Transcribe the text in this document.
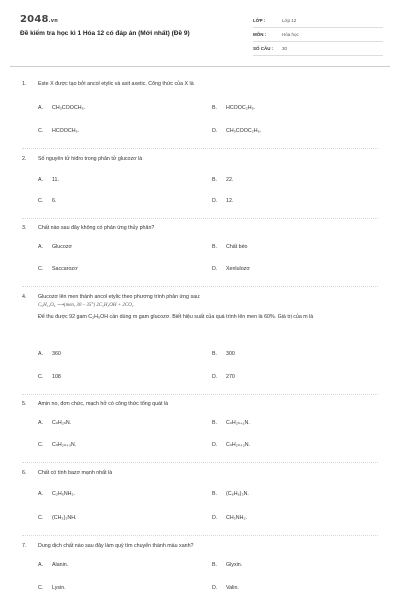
2048.vn
Đề kiểm tra học kì 1 Hóa 12 có đáp án (Mới nhất) (Đề 9)
LỚP :	Lớp 12
MÔN :	Hóa học
SỐ CÂU :	30
1.	Este X được tạo bởi ancol etylic và axit axetic. Công thức của X là
A. CH₃COOCH₃.	B. HCOOC₂H₅.
C. HCOOCH₃.	D. CH₃COOC₂H₅.
2.	Số nguyên tử hiđro trong phân tử glucozơ là
A. 11.	B. 22.
C. 6.	D. 12.
3.	Chất nào sau đây không có phản ứng thủy phân?
A. Glucozơ	B. Chất béo
C. Saccarozơ	D. Xenlulozơ
4.	Glucozơ lên men thành ancol etylic theo phương trình phản ứng sau:
C₆H₁₂O₆ ⟶(men, 30 – 35°) 2C₂H₅OH + 2CO₂
Để thu được 92 gam C₂H₅OH cần dùng m gam glucozơ. Biết hiệu suất của quá trình lên men là 60%. Giá trị của m là
A. 360	B. 300
C. 108	D. 270
5.	Amin no, đơn chức, mạch hở có công thức tổng quát là
A. CₙH₂ₙN.	B. CₙH₂ₙ₊₁N.
C. CₙH₂ₙ₊₃N.	D. CₙH₂ₙ₊₂N.
6.	Chất có tính bazơ mạnh nhất là
A. C₂H₅NH₂.	B. (C₆H₅)₃N.
C. (CH₃)₂NH.	D. CH₃NH₂.
7.	Dung dịch chất nào sau đây làm quỳ tím chuyển thành màu xanh?
A. Alanin.	B. Glyxin.
C. Lysin.	D. Valin.
